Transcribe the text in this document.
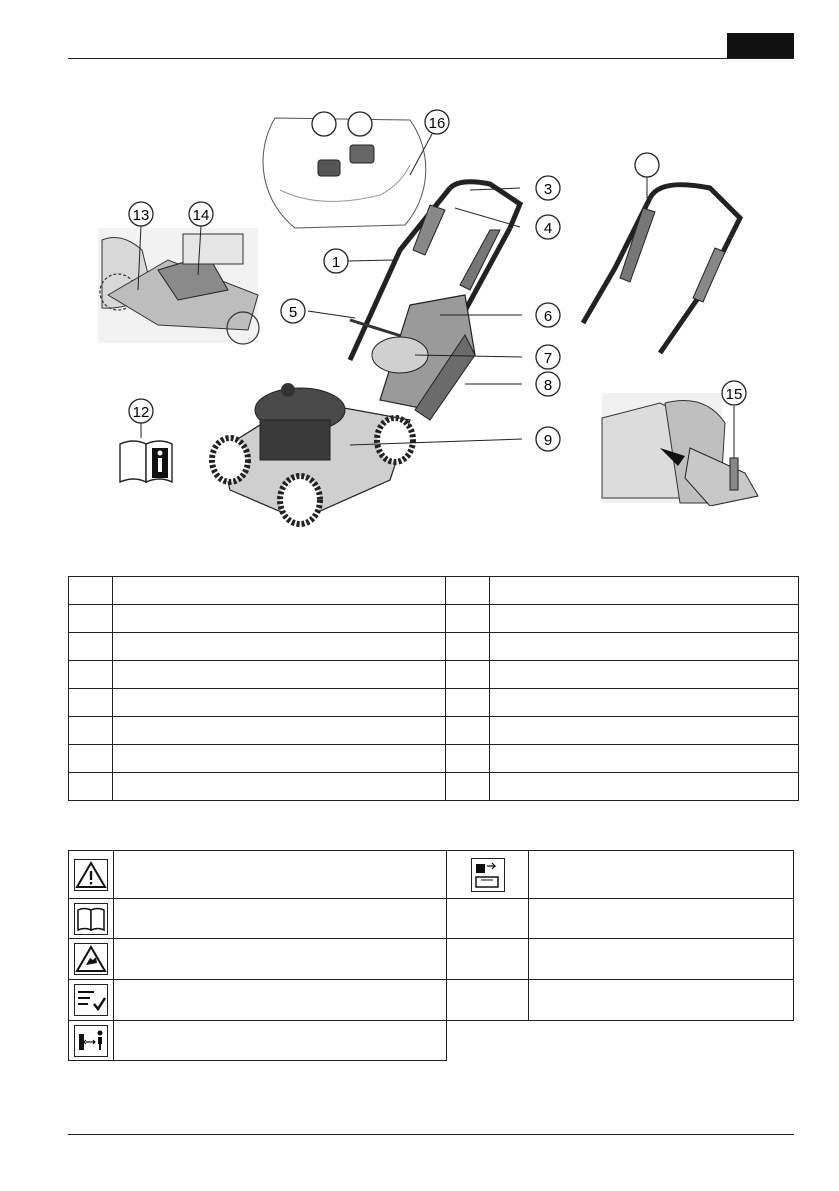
13	14
16
1
3
4
5	6
7
8
9
15
12
